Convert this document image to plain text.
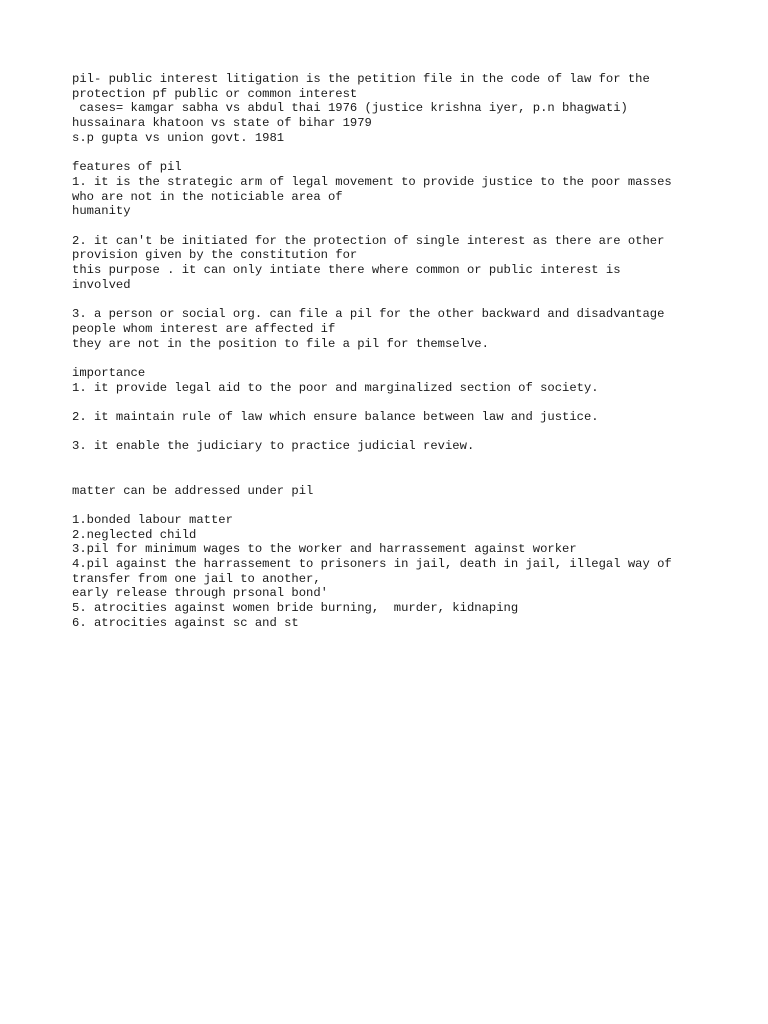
pil- public interest litigation is the petition file in the code of law for the
protection pf public or common interest
cases= kamgar sabha vs abdul thai 1976 (justice krishna iyer, p.n bhagwati)
hussainara khatoon vs state of bihar 1979
s.p gupta vs union govt. 1981
features of pil
1. it is the strategic arm of legal movement to provide justice to the poor masses
who are not in the noticiable area of
humanity
2. it can't be initiated for the protection of single interest as there are other
provision given by the constitution for
this purpose . it can only intiate there where common or public interest is
involved
3. a person or social org. can file a pil for the other backward and disadvantage
people whom interest are affected if
they are not in the position to file a pil for themselve.
importance
1. it provide legal aid to the poor and marginalized section of society.
2. it maintain rule of law which ensure balance between law and justice.
3. it enable the judiciary to practice judicial review.
matter can be addressed under pil
1.bonded labour matter
2.neglected child
3.pil for minimum wages to the worker and harrassement against worker
4.pil against the harrassement to prisoners in jail, death in jail, illegal way of
transfer from one jail to another,
early release through prsonal bond'
5. atrocities against women bride burning,  murder, kidnaping
6. atrocities against sc and st
